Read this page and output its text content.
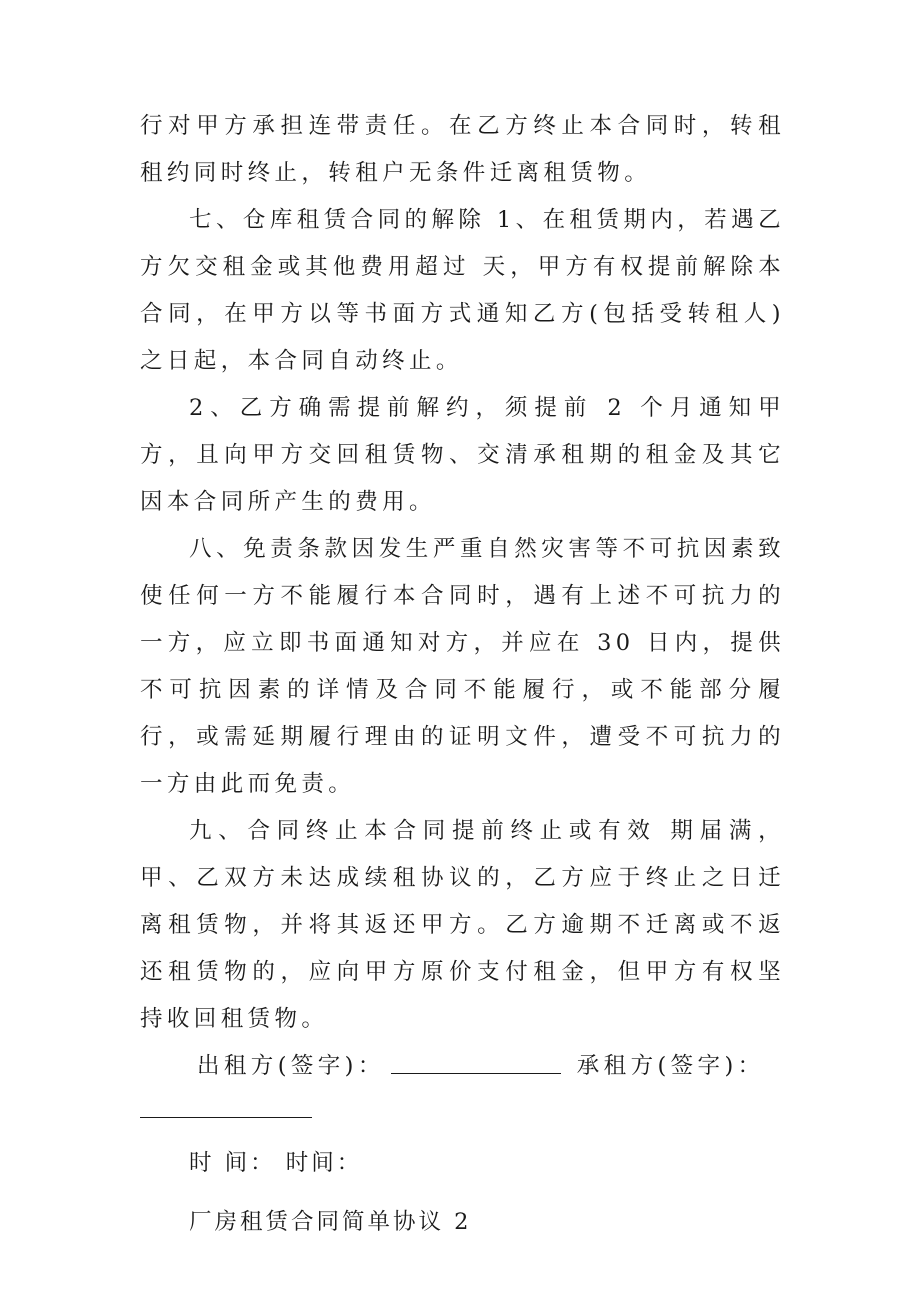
行对甲方承担连带责任。在乙方终止本合同时，转租租约同时终止，转租户无条件迁离租赁物。

七、仓库租赁合同的解除 1、在租赁期内，若遇乙方欠交租金或其他费用超过 天，甲方有权提前解除本合同，在甲方以等书面方式通知乙方(包括受转租人)之日起，本合同自动终止。

2、乙方确需提前解约，须提前 2 个月通知甲方，且向甲方交回租赁物、交清承租期的租金及其它因本合同所产生的费用。

八、免责条款因发生严重自然灾害等不可抗因素致使任何一方不能履行本合同时，遇有上述不可抗力的一方，应立即书面通知对方，并应在 30 日内，提供不可抗因素的详情及合同不能履行，或不能部分履行，或需延期履行理由的证明文件，遭受不可抗力的一方由此而免责。

九、合同终止本合同提前终止或有效 期届满，甲、乙双方未达成续租协议的，乙方应于终止之日迁离租赁物，并将其返还甲方。乙方逾期不迁离或不返还租赁物的，应向甲方原价支付租金，但甲方有权坚持收回租赁物。

出租方(签字)：	承租方(签字)：

时 间： 时间：

厂房租赁合同简单协议 2
